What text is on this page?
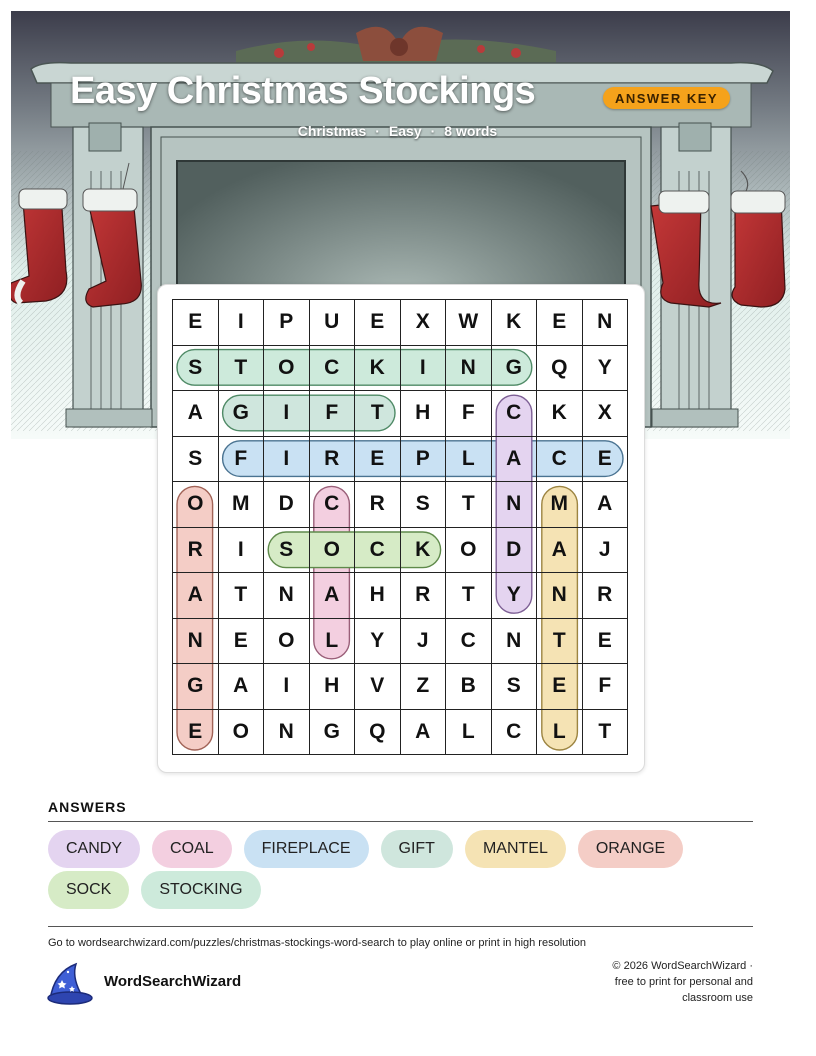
Easy Christmas Stockings	ANSWER KEY
Christmas · Easy · 8 words
E	I	P	U	E	X	W	K	E	N
S	T	O	C	K	I	N	G	Q	Y
A	G	I	F	T	H	F	C	K	X
S	F	I	R	E	P	L	A	C	E
O	M	D	C	R	S	T	N	M	A
R	I	S	O	C	K	O	D	A	J
A	T	N	A	H	R	T	Y	N	R
N	E	O	L	Y	J	C	N	T	E
G	A	I	H	V	Z	B	S	E	F
E	O	N	G	Q	A	L	C	L	T
ANSWERS
CANDY	COAL	FIREPLACE	GIFT	MANTEL	ORANGE
SOCK	STOCKING
Go to wordsearchwizard.com/puzzles/christmas-stockings-word-search to play online or print in high resolution
WordSearchWizard
© 2026 WordSearchWizard ·
free to print for personal and
classroom use
